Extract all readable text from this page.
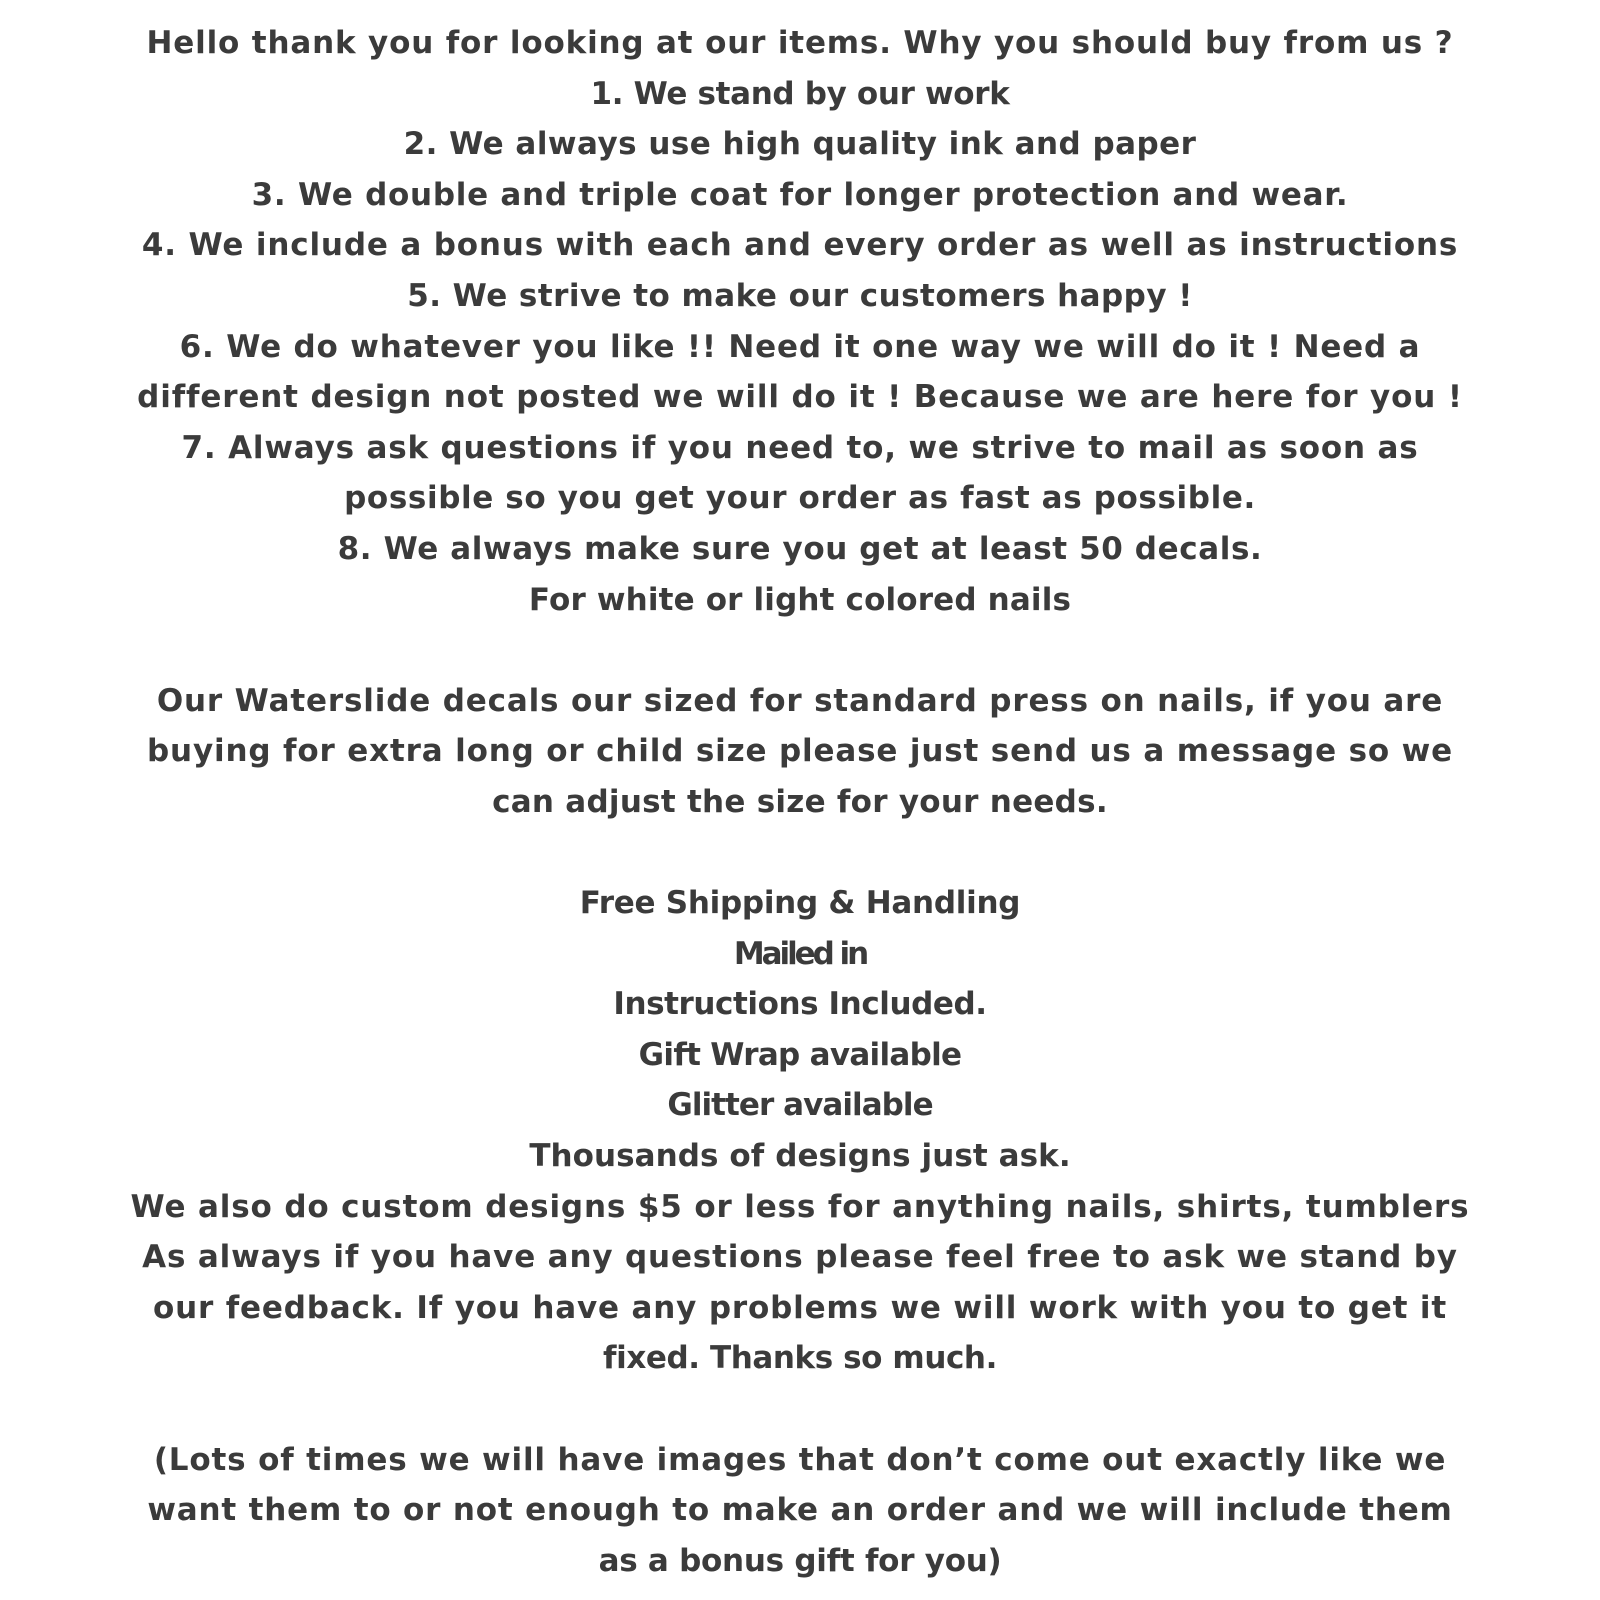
Hello thank you for looking at our items. Why you should buy from us ?
1. We stand by our work
2. We always use high quality ink and paper
3. We double and triple coat for longer protection and wear.
4. We include a bonus with each and every order as well as instructions
5. We strive to make our customers happy !
6. We do whatever you like !! Need it one way we will do it ! Need a
different design not posted we will do it ! Because we are here for you !
7. Always ask questions if you need to, we strive to mail as soon as
possible so you get your order as fast as possible.
8. We always make sure you get at least 50 decals.
For white or light colored nails
Our Waterslide decals our sized for standard press on nails, if you are
buying for extra long or child size please just send us a message so we
can adjust the size for your needs.
Free Shipping & Handling
Mailed in
Instructions Included.
Gift Wrap available
Glitter available
Thousands of designs just ask.
We also do custom designs $5 or less for anything nails, shirts, tumblers
As always if you have any questions please feel free to ask we stand by
our feedback. If you have any problems we will work with you to get it
fixed. Thanks so much.
(Lots of times we will have images that don’t come out exactly like we
want them to or not enough to make an order and we will include them
as a bonus gift for you)
